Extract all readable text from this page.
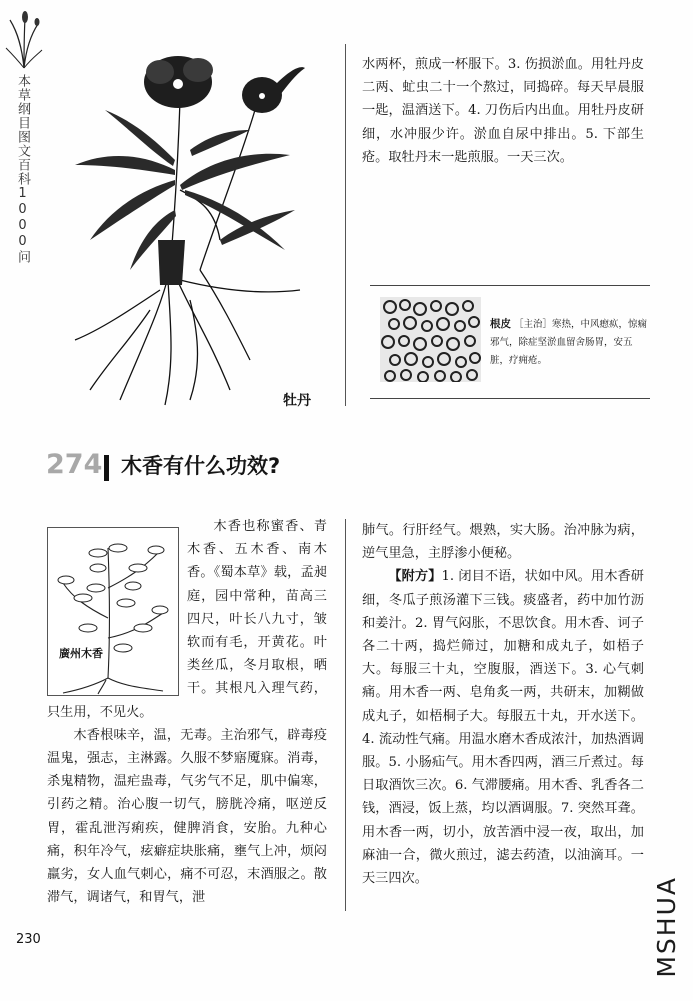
本草纲目图文百科1000问
牡丹
水两杯，煎成一杯服下。3. 伤损淤血。用牡丹皮二两、虻虫二十一个熬过，同捣碎。每天早晨服一匙，温酒送下。4. 刀伤后内出血。用牡丹皮研细，水冲服少许。淤血自尿中排出。5. 下部生疮。取牡丹末一匙煎服。一天三次。
根皮 ［主治］寒热，中风瘛疭，惊痫邪气，除症坚淤血留舍肠胃，安五脏，疗痈疮。
274 木香有什么功效?
廣州木香

木香也称蜜香、青木香、五木香、南木香。《蜀本草》载，孟昶庭，园中常种，苗高三四尺，叶长八九寸，皱软而有毛，开黄花。叶类丝瓜，冬月取根，晒干。其根凡入理气药，只生用，不见火。

木香根味辛，温，无毒。主治邪气，辟毒疫温鬼，强志，主淋露。久服不梦寤魇寐。消毒，杀鬼精物，温疟蛊毒，气劣气不足，肌中偏寒，引药之精。治心腹一切气，膀胱冷痛，呕逆反胃，霍乱泄泻痢疾，健脾消食，安胎。九种心痛，积年冷气，痃癖症块胀痛，壅气上冲，烦闷羸劣，女人血气刺心，痛不可忍，末酒服之。散滞气，调诸气，和胃气，泄

肺气。行肝经气。煨熟，实大肠。治冲脉为病，逆气里急，主脬渗小便秘。

【附方】1. 闭目不语，状如中风。用木香研细，冬瓜子煎汤灌下三钱。痰盛者，药中加竹沥和姜汁。2. 胃气闷胀，不思饮食。用木香、诃子各二十两，捣烂筛过，加糖和成丸子，如梧子大。每服三十丸，空腹服，酒送下。3. 心气刺痛。用木香一两、皂角炙一两，共研末，加糊做成丸子，如梧桐子大。每服五十丸，开水送下。4. 流动性气痛。用温水磨木香成浓汁，加热酒调服。5. 小肠疝气。用木香四两，酒三斤煮过。每日取酒饮三次。6. 气滞腰痛。用木香、乳香各二钱，酒浸，饭上蒸，均以酒调服。7. 突然耳聋。用木香一两，切小，放苦酒中浸一夜，取出，加麻油一合，微火煎过，滤去药渣，以油滴耳。一天三四次。

230	MSHUA
